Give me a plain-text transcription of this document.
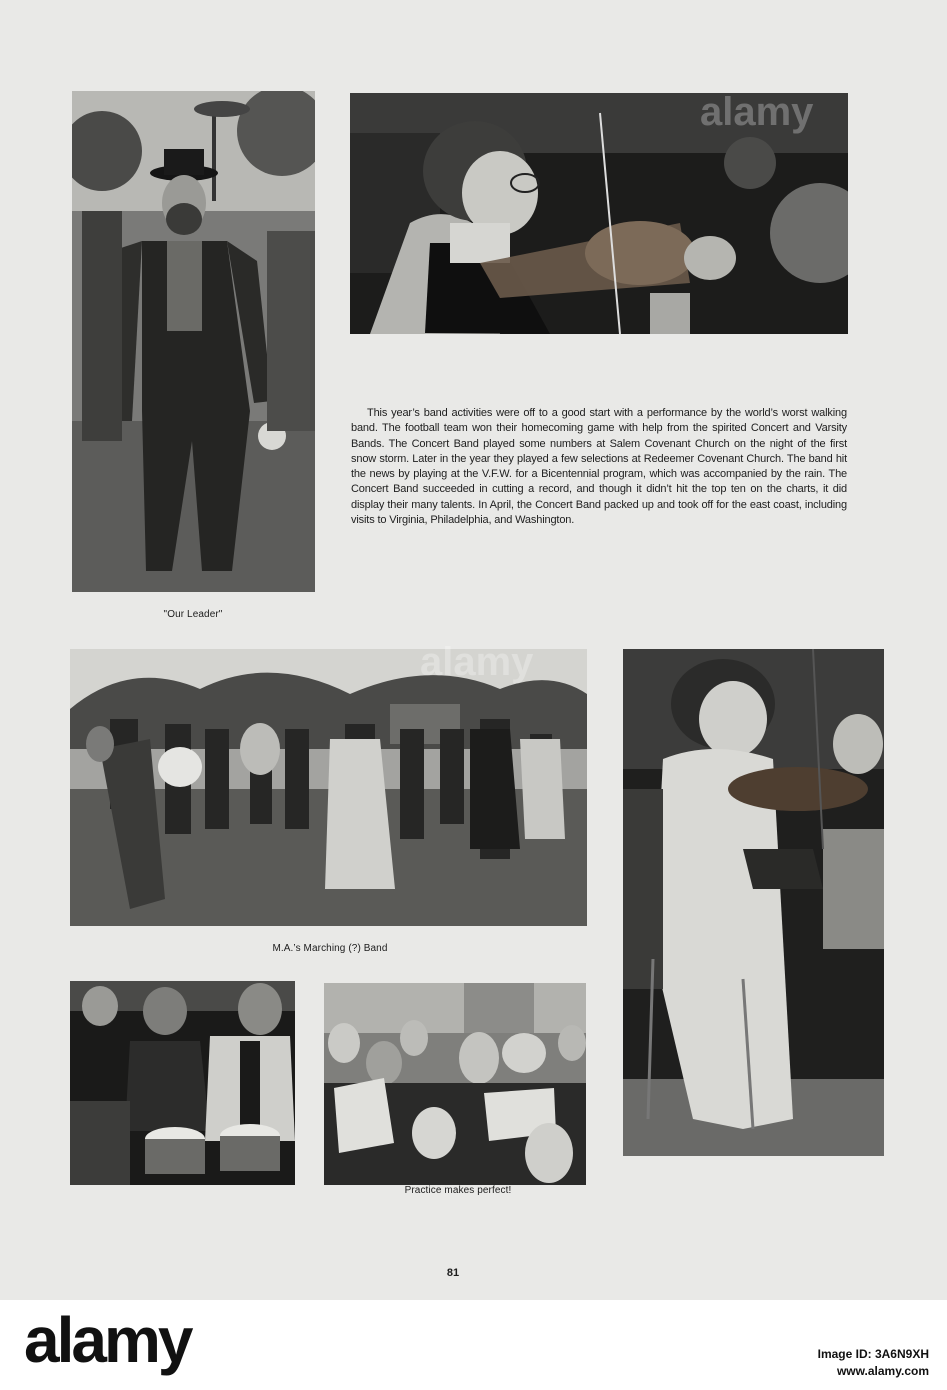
"Our Leader"
This year’s band activities were off to a good start with a performance by the world’s worst walking band. The football team won their homecoming game with help from the spirited Concert and Varsity Bands. The Concert Band played some numbers at Salem Covenant Church on the night of the first snow storm. Later in the year they played a few selections at Redeemer Covenant Church. The band hit the news by playing at the V.F.W. for a Bicentennial program, which was accompanied by the rain. The Concert Band succeeded in cutting a record, and though it didn’t hit the top ten on the charts, it did display their many talents. In April, the Concert Band packed up and took off for the east coast, including visits to Virginia, Philadelphia, and Washington.
M.A.’s Marching (?) Band
Practice makes perfect!
81
alamy
alamy
alamy	Image ID: 3A6N9XH
www.alamy.com
